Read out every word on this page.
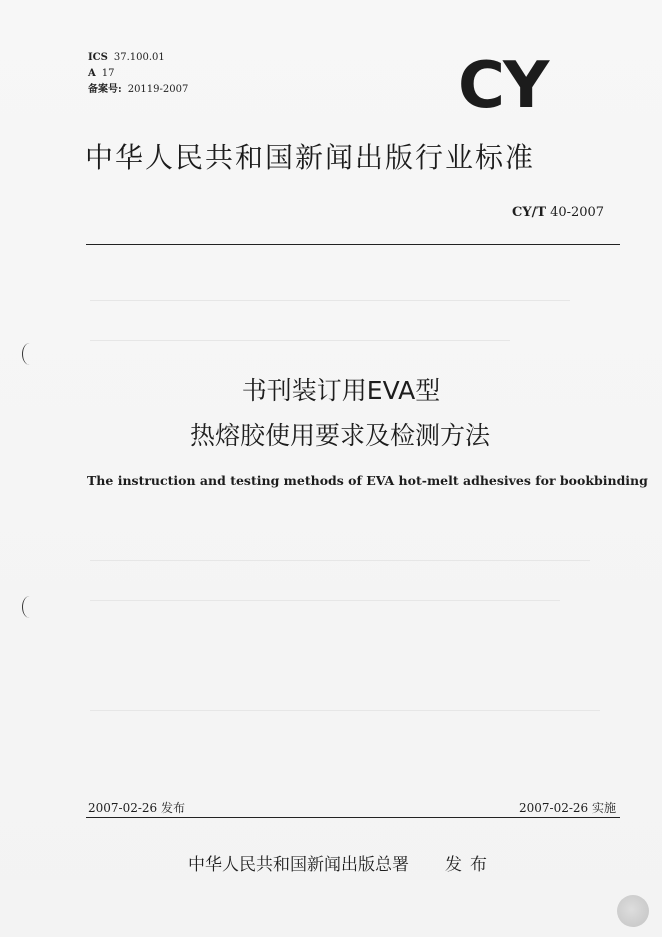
ICS 37.100.01
A 17
备案号: 20119-2007	CY
中华人民共和国新闻出版行业标准
CY/T 40-2007
书刊装订用EVA型
热熔胶使用要求及检测方法
The instruction and testing methods of EVA hot-melt adhesives for bookbinding
2007-02-26 发布	2007-02-26 实施
中华人民共和国新闻出版总署 发布
